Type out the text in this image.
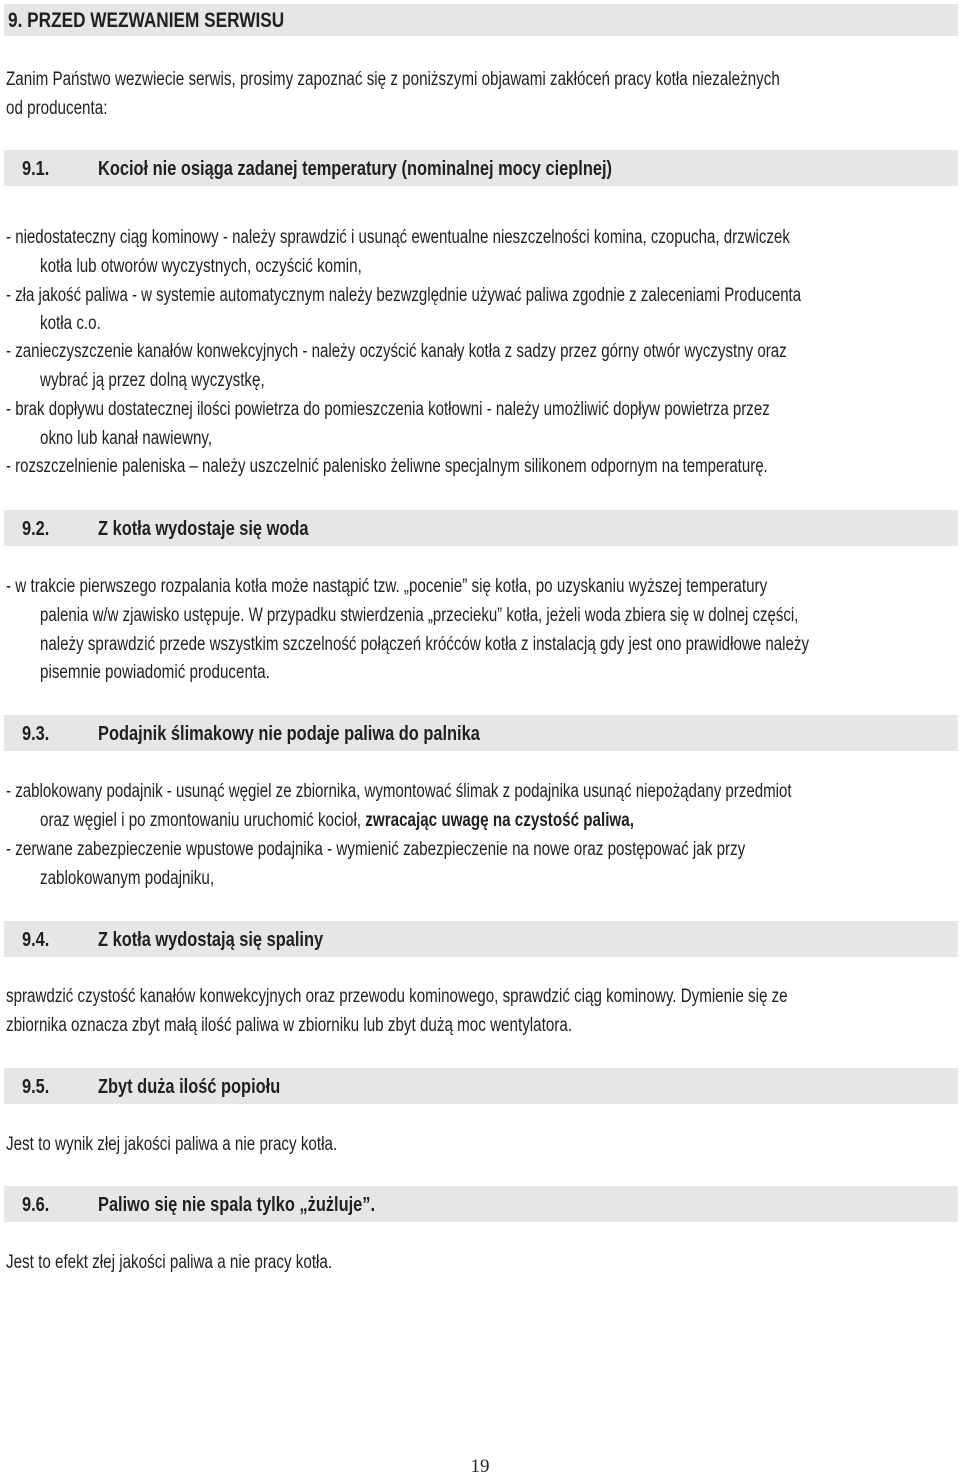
9. PRZED WEZWANIEM SERWISU
Zanim Państwo wezwiecie serwis, prosimy zapoznać się z poniższymi objawami zakłóceń pracy kotła niezależnych
od producenta:
9.1. Kocioł nie osiąga zadanej temperatury (nominalnej mocy cieplnej)
- niedostateczny ciąg kominowy - należy sprawdzić i usunąć ewentualne nieszczelności komina, czopucha, drzwiczek
kotła lub otworów wyczystnych, oczyścić komin,
- zła jakość paliwa - w systemie automatycznym należy bezwzględnie używać paliwa zgodnie z zaleceniami Producenta
kotła c.o.
- zanieczyszczenie kanałów konwekcyjnych - należy oczyścić kanały kotła z sadzy przez górny otwór wyczystny oraz
wybrać ją przez dolną wyczystkę,
- brak dopływu dostatecznej ilości powietrza do pomieszczenia kotłowni - należy umożliwić dopływ powietrza przez
okno lub kanał nawiewny,
- rozszczelnienie paleniska – należy uszczelnić palenisko żeliwne specjalnym silikonem odpornym na temperaturę.
9.2. Z kotła wydostaje się woda
- w trakcie pierwszego rozpalania kotła może nastąpić tzw. „pocenie” się kotła, po uzyskaniu wyższej temperatury
palenia w/w zjawisko ustępuje. W przypadku stwierdzenia „przecieku” kotła, jeżeli woda zbiera się w dolnej części,
należy sprawdzić przede wszystkim szczelność połączeń króćców kotła z instalacją gdy jest ono prawidłowe należy
pisemnie powiadomić producenta.
9.3. Podajnik ślimakowy nie podaje paliwa do palnika
- zablokowany podajnik - usunąć węgiel ze zbiornika, wymontować ślimak z podajnika usunąć niepożądany przedmiot
oraz węgiel i po zmontowaniu uruchomić kocioł, zwracając uwagę na czystość paliwa,
- zerwane zabezpieczenie wpustowe podajnika - wymienić zabezpieczenie na nowe oraz postępować jak przy
zablokowanym podajniku,
9.4. Z kotła wydostają się spaliny
sprawdzić czystość kanałów konwekcyjnych oraz przewodu kominowego, sprawdzić ciąg kominowy. Dymienie się ze
zbiornika oznacza zbyt małą ilość paliwa w zbiorniku lub zbyt dużą moc wentylatora.
9.5. Zbyt duża ilość popiołu
Jest to wynik złej jakości paliwa a nie pracy kotła.
9.6. Paliwo się nie spala tylko „żużluje”.
Jest to efekt złej jakości paliwa a nie pracy kotła.
19
